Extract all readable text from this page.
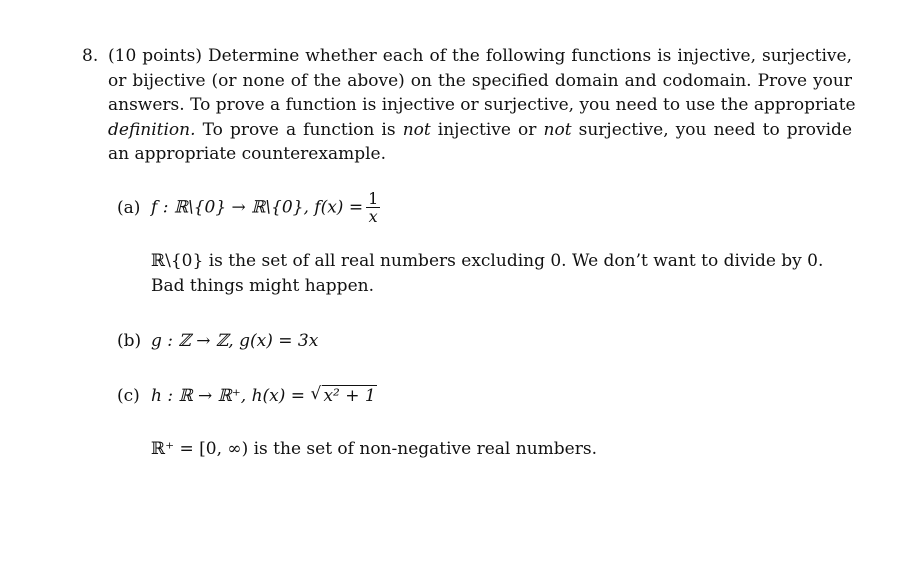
8. (10 points) Determine whether each of the following functions is injective, surjective,
or bijective (or none of the above) on the specified domain and codomain. Prove your
answers. To prove a function is injective or surjective, you need to use the appropriate
definition. To prove a function is not injective or not surjective, you need to provide
an appropriate counterexample.
(a) f : ℝ\{0} → ℝ\{0}, $f(x) = \frac{1}{x}$
ℝ\{0} is the set of all real numbers excluding 0. We don’t want to divide by 0.
Bad things might happen.
(b) g : ℤ → ℤ, g(x) = 3x
(c) h : ℝ → ℝ⁺, h(x) = √ x² + 1
ℝ⁺ = [0, ∞) is the set of non-negative real numbers.
